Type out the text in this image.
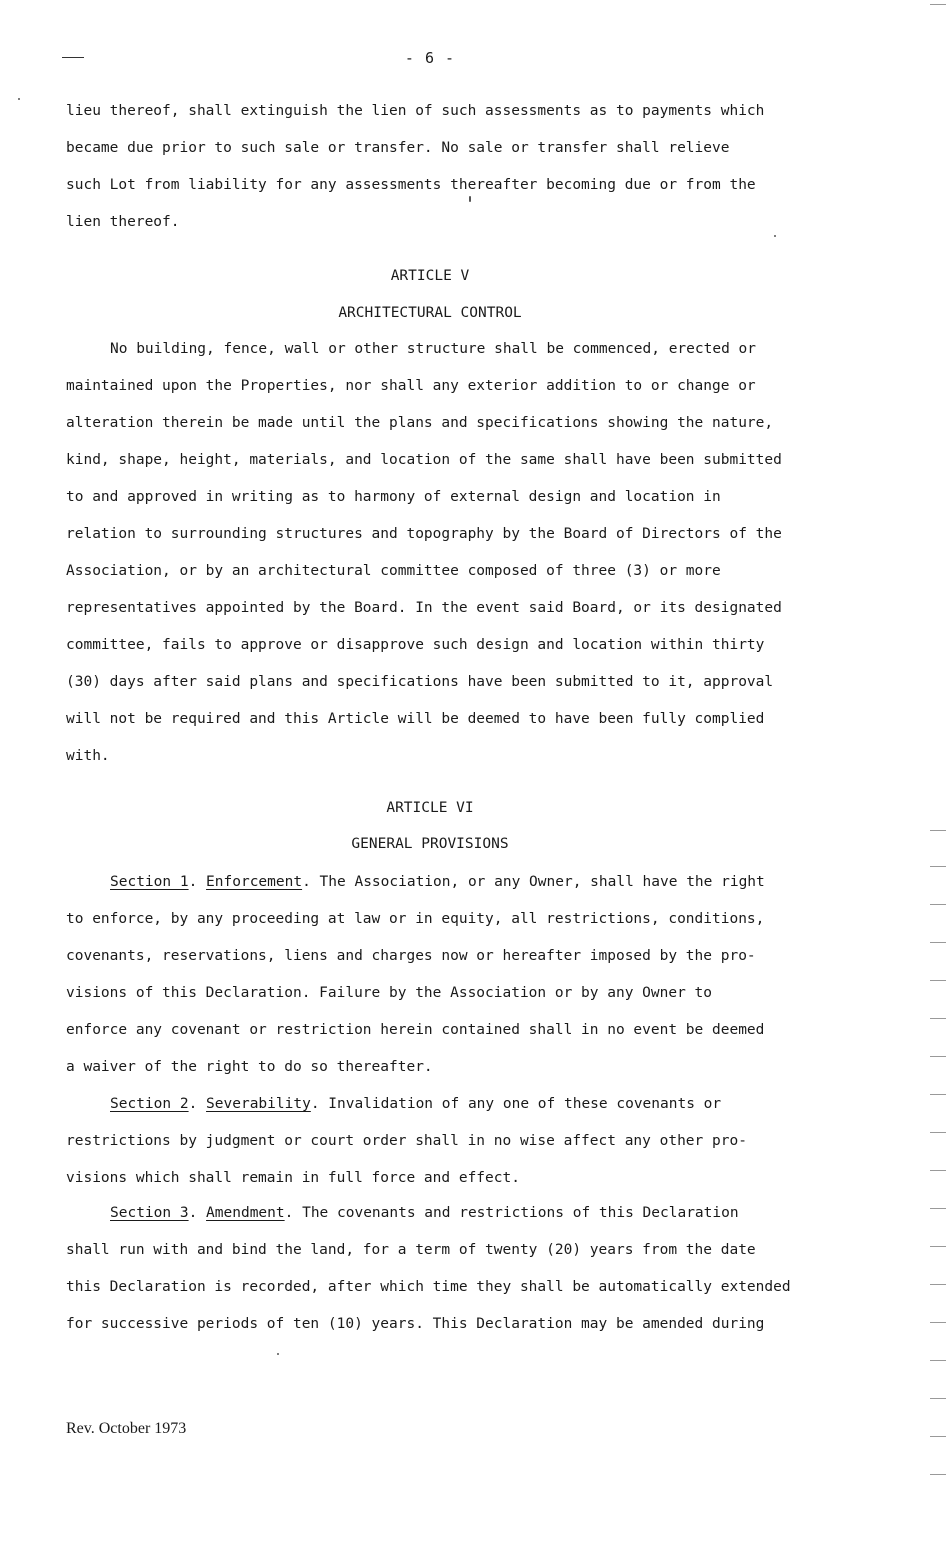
- 6 -
lieu thereof, shall extinguish the lien of such assessments as to payments which
became due prior to such sale or transfer. No sale or transfer shall relieve
such Lot from liability for any assessments thereafter becoming due or from the
lien thereof.
ARTICLE V
ARCHITECTURAL CONTROL
No building, fence, wall or other structure shall be commenced, erected or
maintained upon the Properties, nor shall any exterior addition to or change or
alteration therein be made until the plans and specifications showing the nature,
kind, shape, height, materials, and location of the same shall have been submitted
to and approved in writing as to harmony of external design and location in
relation to surrounding structures and topography by the Board of Directors of the
Association, or by an architectural committee composed of three (3) or more
representatives appointed by the Board. In the event said Board, or its designated
committee, fails to approve or disapprove such design and location within thirty
(30) days after said plans and specifications have been submitted to it, approval
will not be required and this Article will be deemed to have been fully complied
with.
ARTICLE VI
GENERAL PROVISIONS
Section 1. Enforcement. The Association, or any Owner, shall have the right
to enforce, by any proceeding at law or in equity, all restrictions, conditions,
covenants, reservations, liens and charges now or hereafter imposed by the pro-
visions of this Declaration. Failure by the Association or by any Owner to
enforce any covenant or restriction herein contained shall in no event be deemed
a waiver of the right to do so thereafter.
Section 2. Severability. Invalidation of any one of these covenants or
restrictions by judgment or court order shall in no wise affect any other pro-
visions which shall remain in full force and effect.
Section 3. Amendment. The covenants and restrictions of this Declaration
shall run with and bind the land, for a term of twenty (20) years from the date
this Declaration is recorded, after which time they shall be automatically extended
for successive periods of ten (10) years. This Declaration may be amended during
Rev. October 1973
